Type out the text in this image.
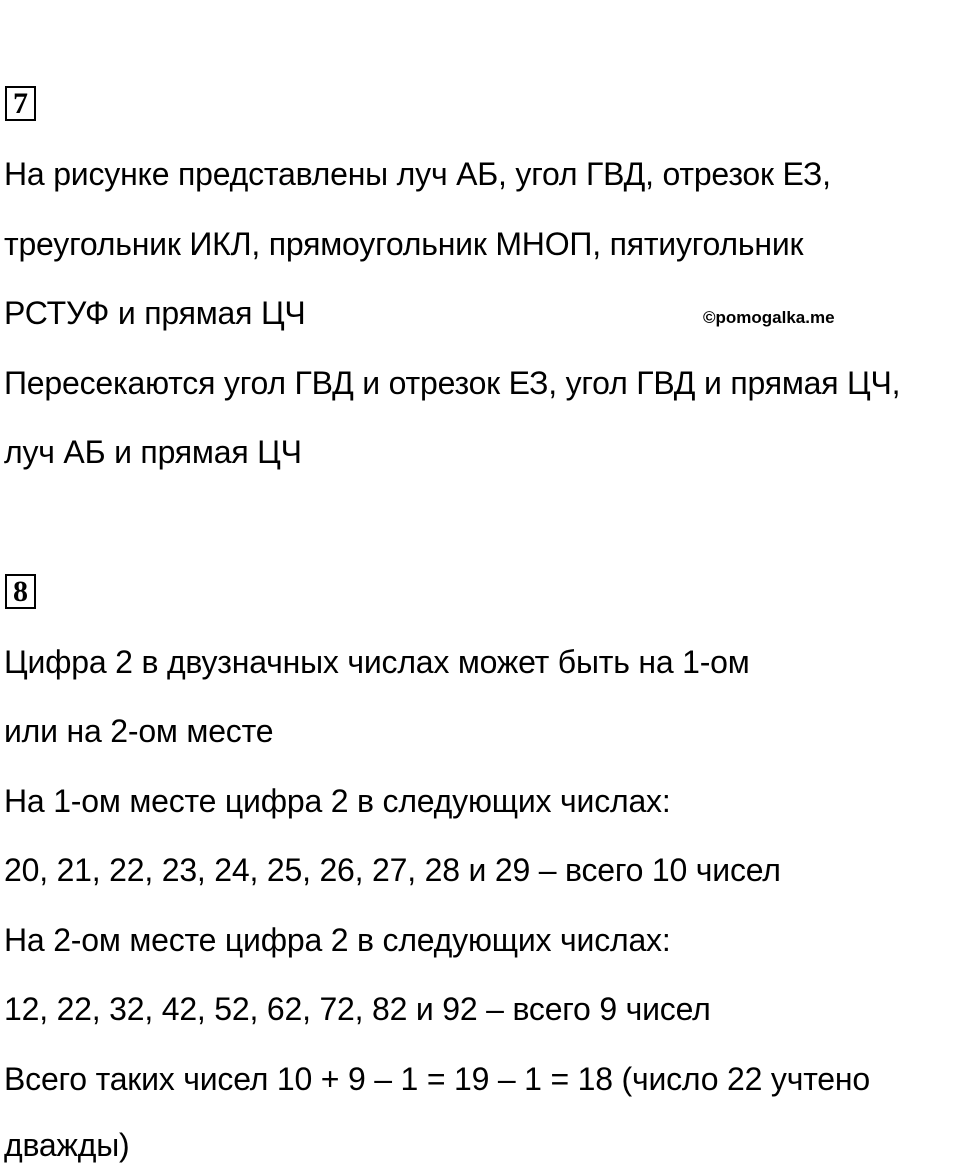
7
На рисунке представлены луч АБ, угол ГВД, отрезок ЕЗ,
треугольник ИКЛ, прямоугольник МНОП, пятиугольник
РСТУФ и прямая ЦЧ	©pomogalka.me
Пересекаются угол ГВД и отрезок ЕЗ, угол ГВД и прямая ЦЧ,
луч АБ и прямая ЦЧ
8
Цифра 2 в двузначных числах может быть на 1-ом
или на 2-ом месте
На 1-ом месте цифра 2 в следующих числах:
20, 21, 22, 23, 24, 25, 26, 27, 28 и 29 – всего 10 чисел
На 2-ом месте цифра 2 в следующих числах:
12, 22, 32, 42, 52, 62, 72, 82 и 92 – всего 9 чисел
Всего таких чисел 10 + 9 – 1 = 19 – 1 = 18 (число 22 учтено
дважды)
